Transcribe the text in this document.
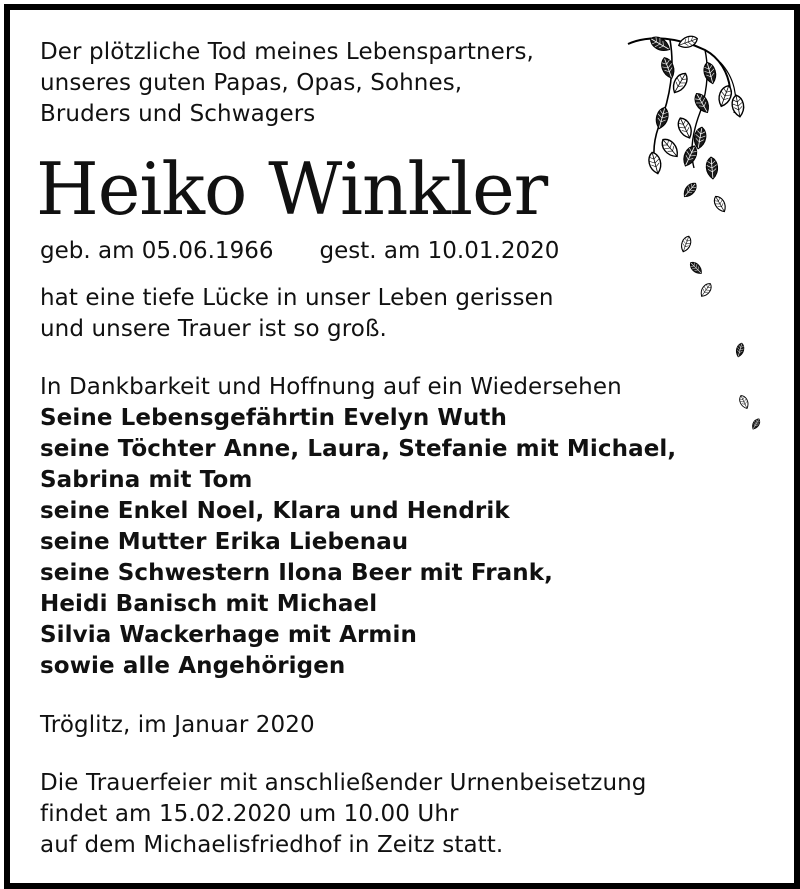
Der plötzliche Tod meines Lebenspartners,
unseres guten Papas, Opas, Sohnes,
Bruders und Schwagers
Heiko Winkler
geb. am 05.06.1966 gest. am 10.01.2020
hat eine tiefe Lücke in unser Leben gerissen
und unsere Trauer ist so groß.
In Dankbarkeit und Hoffnung auf ein Wiedersehen
Seine Lebensgefährtin Evelyn Wuth
seine Töchter Anne, Laura, Stefanie mit Michael,
Sabrina mit Tom
seine Enkel Noel, Klara und Hendrik
seine Mutter Erika Liebenau
seine Schwestern Ilona Beer mit Frank,
Heidi Banisch mit Michael
Silvia Wackerhage mit Armin
sowie alle Angehörigen
Tröglitz, im Januar 2020
Die Trauerfeier mit anschließender Urnenbeisetzung
findet am 15.02.2020 um 10.00 Uhr
auf dem Michaelisfriedhof in Zeitz statt.
